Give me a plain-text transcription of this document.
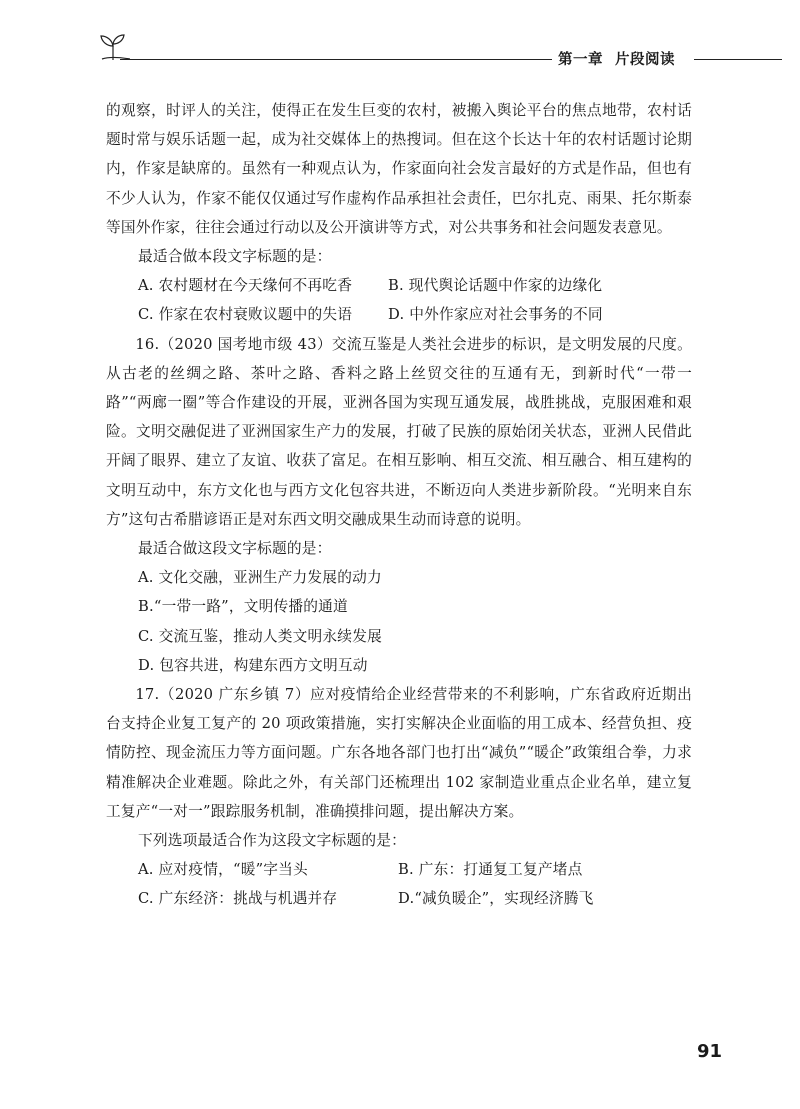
第一章 片段阅读

的观察，时评人的关注，使得正在发生巨变的农村，被搬入舆论平台的焦点地带，农村话题时常与娱乐话题一起，成为社交媒体上的热搜词。但在这个长达十年的农村话题讨论期内，作家是缺席的。虽然有一种观点认为，作家面向社会发言最好的方式是作品，但也有不少人认为，作家不能仅仅通过写作虚构作品承担社会责任，巴尔扎克、雨果、托尔斯泰等国外作家，往往会通过行动以及公开演讲等方式，对公共事务和社会问题发表意见。

最适合做本段文字标题的是：

A. 农村题材在今天缘何不再吃香	B. 现代舆论话题中作家的边缘化
C. 作家在农村衰败议题中的失语	D. 中外作家应对社会事务的不同

16.（2020 国考地市级 43）交流互鉴是人类社会进步的标识，是文明发展的尺度。从古老的丝绸之路、茶叶之路、香料之路上丝贸交往的互通有无，到新时代“一带一路”“两廊一圈”等合作建设的开展，亚洲各国为实现互通发展，战胜挑战，克服困难和艰险。文明交融促进了亚洲国家生产力的发展，打破了民族的原始闭关状态，亚洲人民借此开阔了眼界、建立了友谊、收获了富足。在相互影响、相互交流、相互融合、相互建构的文明互动中，东方文化也与西方文化包容共进，不断迈向人类进步新阶段。“光明来自东方”这句古希腊谚语正是对东西文明交融成果生动而诗意的说明。

最适合做这段文字标题的是：

A. 文化交融，亚洲生产力发展的动力

B.“一带一路”，文明传播的通道

C. 交流互鉴，推动人类文明永续发展

D. 包容共进，构建东西方文明互动

17.（2020 广东乡镇 7）应对疫情给企业经营带来的不利影响，广东省政府近期出台支持企业复工复产的 20 项政策措施，实打实解决企业面临的用工成本、经营负担、疫情防控、现金流压力等方面问题。广东各地各部门也打出“减负”“暖企”政策组合拳，力求精准解决企业难题。除此之外，有关部门还梳理出 102 家制造业重点企业名单，建立复工复产“一对一”跟踪服务机制，准确摸排问题，提出解决方案。

下列选项最适合作为这段文字标题的是：

A. 应对疫情，“暖”字当头	B. 广东：打通复工复产堵点
C. 广东经济：挑战与机遇并存	D.“减负暖企”，实现经济腾飞
91
